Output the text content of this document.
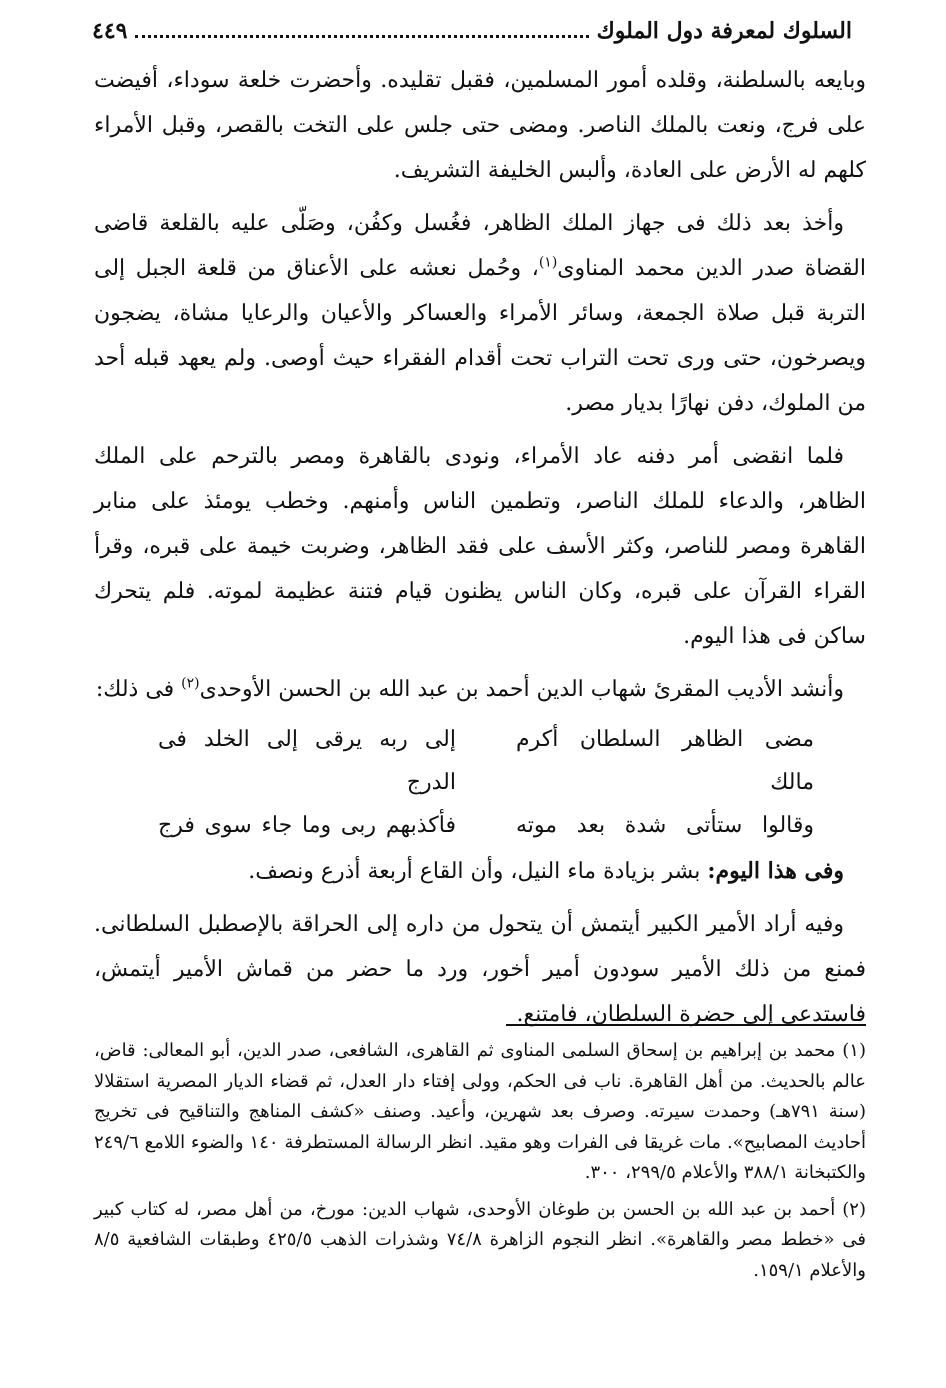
السلوك لمعرفة دول الملوك
٤٤٩

وبايعه بالسلطنة، وقلده أمور المسلمين، فقبل تقليده. وأحضرت خلعة سوداء، أفيضت على فرج، ونعت بالملك الناصر. ومضى حتى جلس على التخت بالقصر، وقبل الأمراء كلهم له الأرض على العادة، وألبس الخليفة التشريف.

وأخذ بعد ذلك فى جهاز الملك الظاهر، فغُسل وكفُن، وصَلّى عليه بالقلعة قاضى القضاة صدر الدين محمد المناوى$^{(١)}$، وحُمل نعشه على الأعناق من قلعة الجبل إلى التربة قبل صلاة الجمعة، وسائر الأمراء والعساكر والأعيان والرعايا مشاة، يضجون ويصرخون، حتى ورى تحت التراب تحت أقدام الفقراء حيث أوصى. ولم يعهد قبله أحد من الملوك، دفن نهارًا بديار مصر.

فلما انقضى أمر دفنه عاد الأمراء، ونودى بالقاهرة ومصر بالترحم على الملك الظاهر، والدعاء للملك الناصر، وتطمين الناس وأمنهم. وخطب يومئذ على منابر القاهرة ومصر للناصر، وكثر الأسف على فقد الظاهر، وضربت خيمة على قبره، وقرأ القراء القرآن على قبره، وكان الناس يظنون قيام فتنة عظيمة لموته. فلم يتحرك ساكن فى هذا اليوم.

وأنشد الأديب المقرئ شهاب الدين أحمد بن عبد الله بن الحسن الأوحدى$^{(٢)}$ فى ذلك:

مضى الظاهر السلطان أكرم مالك
إلى ربه يرقى إلى الخلد فى الدرج
وقالوا ستأتى شدة بعد موته
فأكذبهم ربى وما جاء سوى فرج

وفى هذا اليوم: بشر بزيادة ماء النيل، وأن القاع أربعة أذرع ونصف.

وفيه أراد الأمير الكبير أيتمش أن يتحول من داره إلى الحراقة بالإصطبل السلطانى. فمنع من ذلك الأمير سودون أمير أخور، ورد ما حضر من قماش الأمير أيتمش، فاستدعى إلى حضرة السلطان، فامتنع.

(١) محمد بن إبراهيم بن إسحاق السلمى المناوى ثم القاهرى، الشافعى، صدر الدين، أبو المعالى: قاض، عالم بالحديث. من أهل القاهرة. ناب فى الحكم، وولى إفتاء دار العدل، ثم قضاء الديار المصرية استقلالا (سنة ٧٩١هـ) وحمدت سيرته. وصرف بعد شهرين، وأعيد. وصنف «كشف المناهج والتناقيح فى تخريج أحاديث المصابيح». مات غريقا فى الفرات وهو مقيد. انظر الرسالة المستطرفة ١٤٠ والضوء اللامع ٢٤٩/٦ والكتبخانة ٣٨٨/١ والأعلام ٢٩٩/٥، ٣٠٠.

(٢) أحمد بن عبد الله بن الحسن بن طوغان الأوحدى، شهاب الدين: مورخ، من أهل مصر، له كتاب كبير فى «خطط مصر والقاهرة». انظر النجوم الزاهرة ٧٤/٨ وشذرات الذهب ٤٢٥/٥ وطبقات الشافعية ٨/٥ والأعلام ١٥٩/١.
